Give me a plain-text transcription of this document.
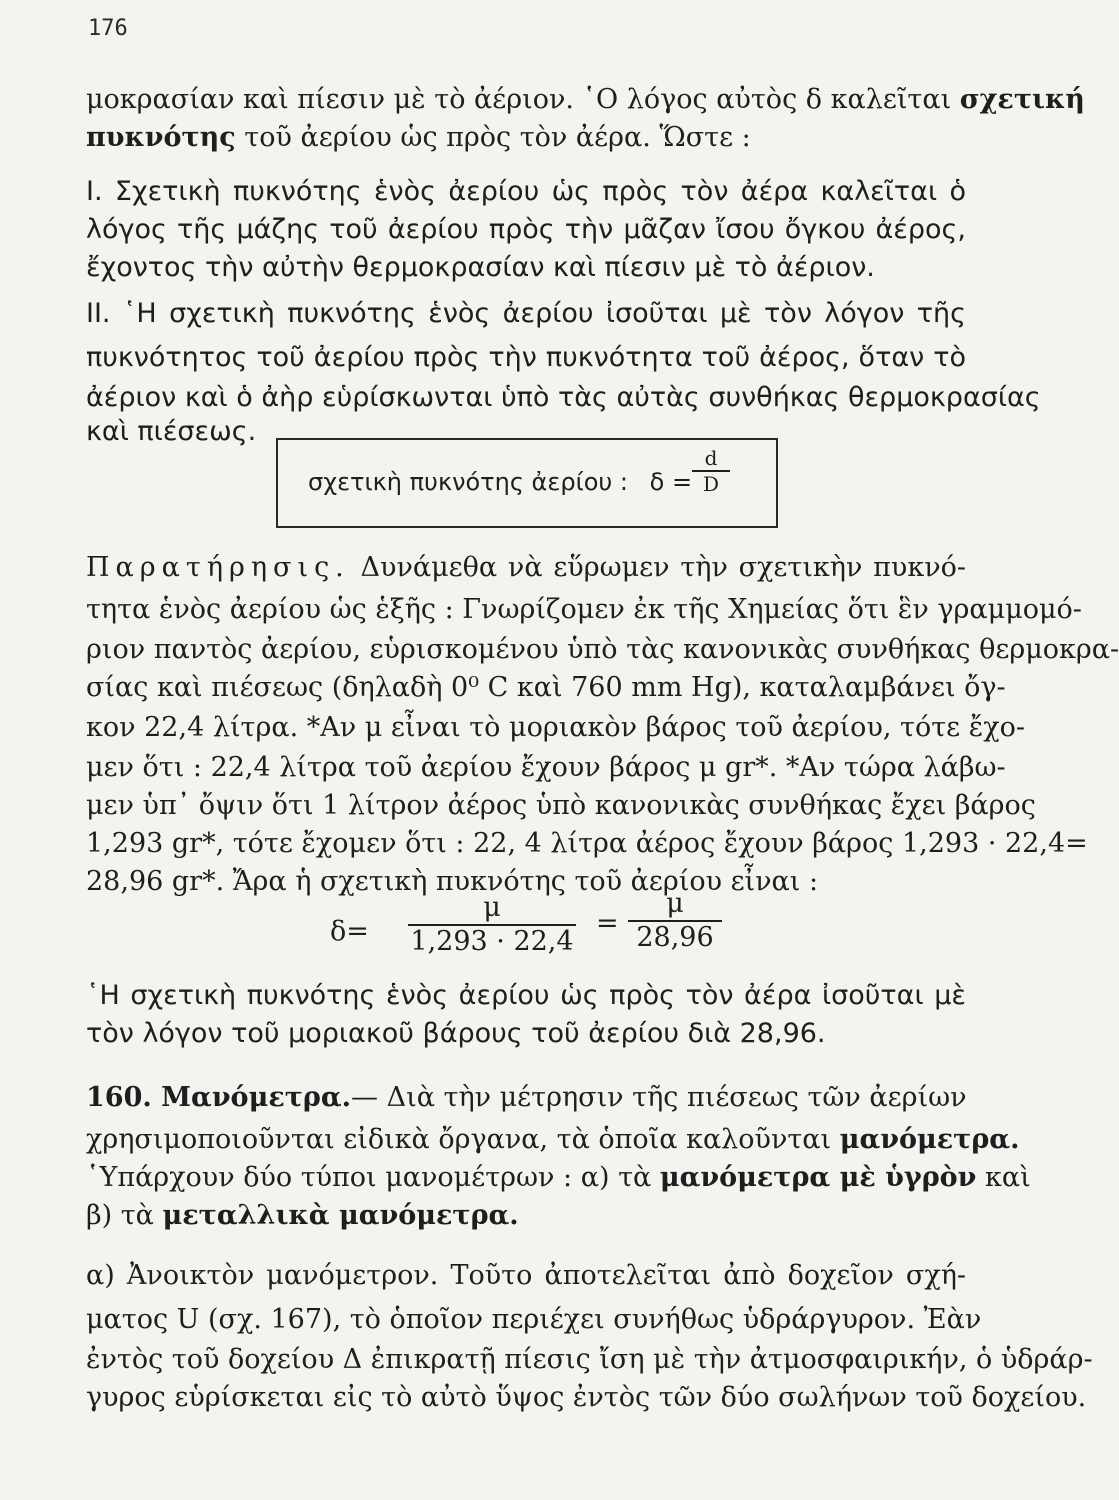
176
μοκρασίαν καὶ πίεσιν μὲ τὸ ἀέριον. ῾Ο λόγος αὐτὸς δ καλεῖται σχετική
πυκνότης τοῦ ἀερίου ὡς πρὸς τὸν ἀέρα. Ὥστε :
I. Σχετικὴ πυκνότης ἑνὸς ἀερίου ὡς πρὸς τὸν ἀέρα καλεῖται ὁ
λόγος τῆς μάζης τοῦ ἀερίου πρὸς τὴν μᾶζαν ἴσου ὄγκου ἀέρος,
ἔχοντος τὴν αὐτὴν θερμοκρασίαν καὶ πίεσιν μὲ τὸ ἀέριον.
II. ῾Η σχετικὴ πυκνότης ἑνὸς ἀερίου ἰσοῦται μὲ τὸν λόγον τῆς
πυκνότητος τοῦ ἀερίου πρὸς τὴν πυκνότητα τοῦ ἀέρος, ὅταν τὸ
ἀέριον καὶ ὁ ἀὴρ εὑρίσκωνται ὑπὸ τὰς αὐτὰς συνθήκας θερμοκρασίας
καὶ πιέσεως.
Παρατήρησις. Δυνάμεθα νὰ εὕρωμεν τὴν σχετικὴν πυκνό-
τητα ἑνὸς ἀερίου ὡς ἑξῆς : Γνωρίζομεν ἐκ τῆς Χημείας ὅτι ἓν γραμμομό-
ριον παντὸς ἀερίου, εὑρισκομένου ὑπὸ τὰς κανονικὰς συνθήκας θερμοκρα-
σίας καὶ πιέσεως (δηλαδὴ 0⁰ C καὶ 760 mm Hg), καταλαμβάνει ὄγ-
κον 22,4 λίτρα. *Αν μ εἶναι τὸ μοριακὸν βάρος τοῦ ἀερίου, τότε ἔχο-
μεν ὅτι : 22,4 λίτρα τοῦ ἀερίου ἔχουν βάρος μ gr*. *Αν τώρα λάβω-
μεν ὑπ᾽ ὄψιν ὅτι 1 λίτρον ἀέρος ὑπὸ κανονικὰς συνθήκας ἔχει βάρος
1,293 gr*, τότε ἔχομεν ὅτι : 22, 4 λίτρα ἀέρος ἔχουν βάρος 1,293 · 22,4=
28,96 gr*. Ἄρα ἡ σχετικὴ πυκνότης τοῦ ἀερίου εἶναι :
῾Η σχετικὴ πυκνότης ἑνὸς ἀερίου ὡς πρὸς τὸν ἀέρα ἰσοῦται μὲ
τὸν λόγον τοῦ μοριακοῦ βάρους τοῦ ἀερίου διὰ 28,96.
160. Μανόμετρα.— Διὰ τὴν μέτρησιν τῆς πιέσεως τῶν ἀερίων
χρησιμοποιοῦνται εἰδικὰ ὄργανα, τὰ ὁποῖα καλοῦνται μανόμετρα.
῾Υπάρχουν δύο τύποι μανομέτρων : α) τὰ μανόμετρα μὲ ὑγρὸν καὶ
β) τὰ μεταλλικὰ μανόμετρα.
α) Ἀνοικτὸν μανόμετρον. Τοῦτο ἀποτελεῖται ἀπὸ δοχεῖον σχή-
ματος U (σχ. 167), τὸ ὁποῖον περιέχει συνήθως ὑδράργυρον. Ἐὰν
ἐντὸς τοῦ δοχείου Δ ἐπικρατῇ πίεσις ἴση μὲ τὴν ἀτμοσφαιρικήν, ὁ ὑδράρ-
γυρος εὑρίσκεται εἰς τὸ αὐτὸ ὕψος ἐντὸς τῶν δύο σωλήνων τοῦ δοχείου.
σχετικὴ πυκνότης ἀερίου : δ =
d
D
δ=
μ
1,293 · 22,4
=
μ
28,96
